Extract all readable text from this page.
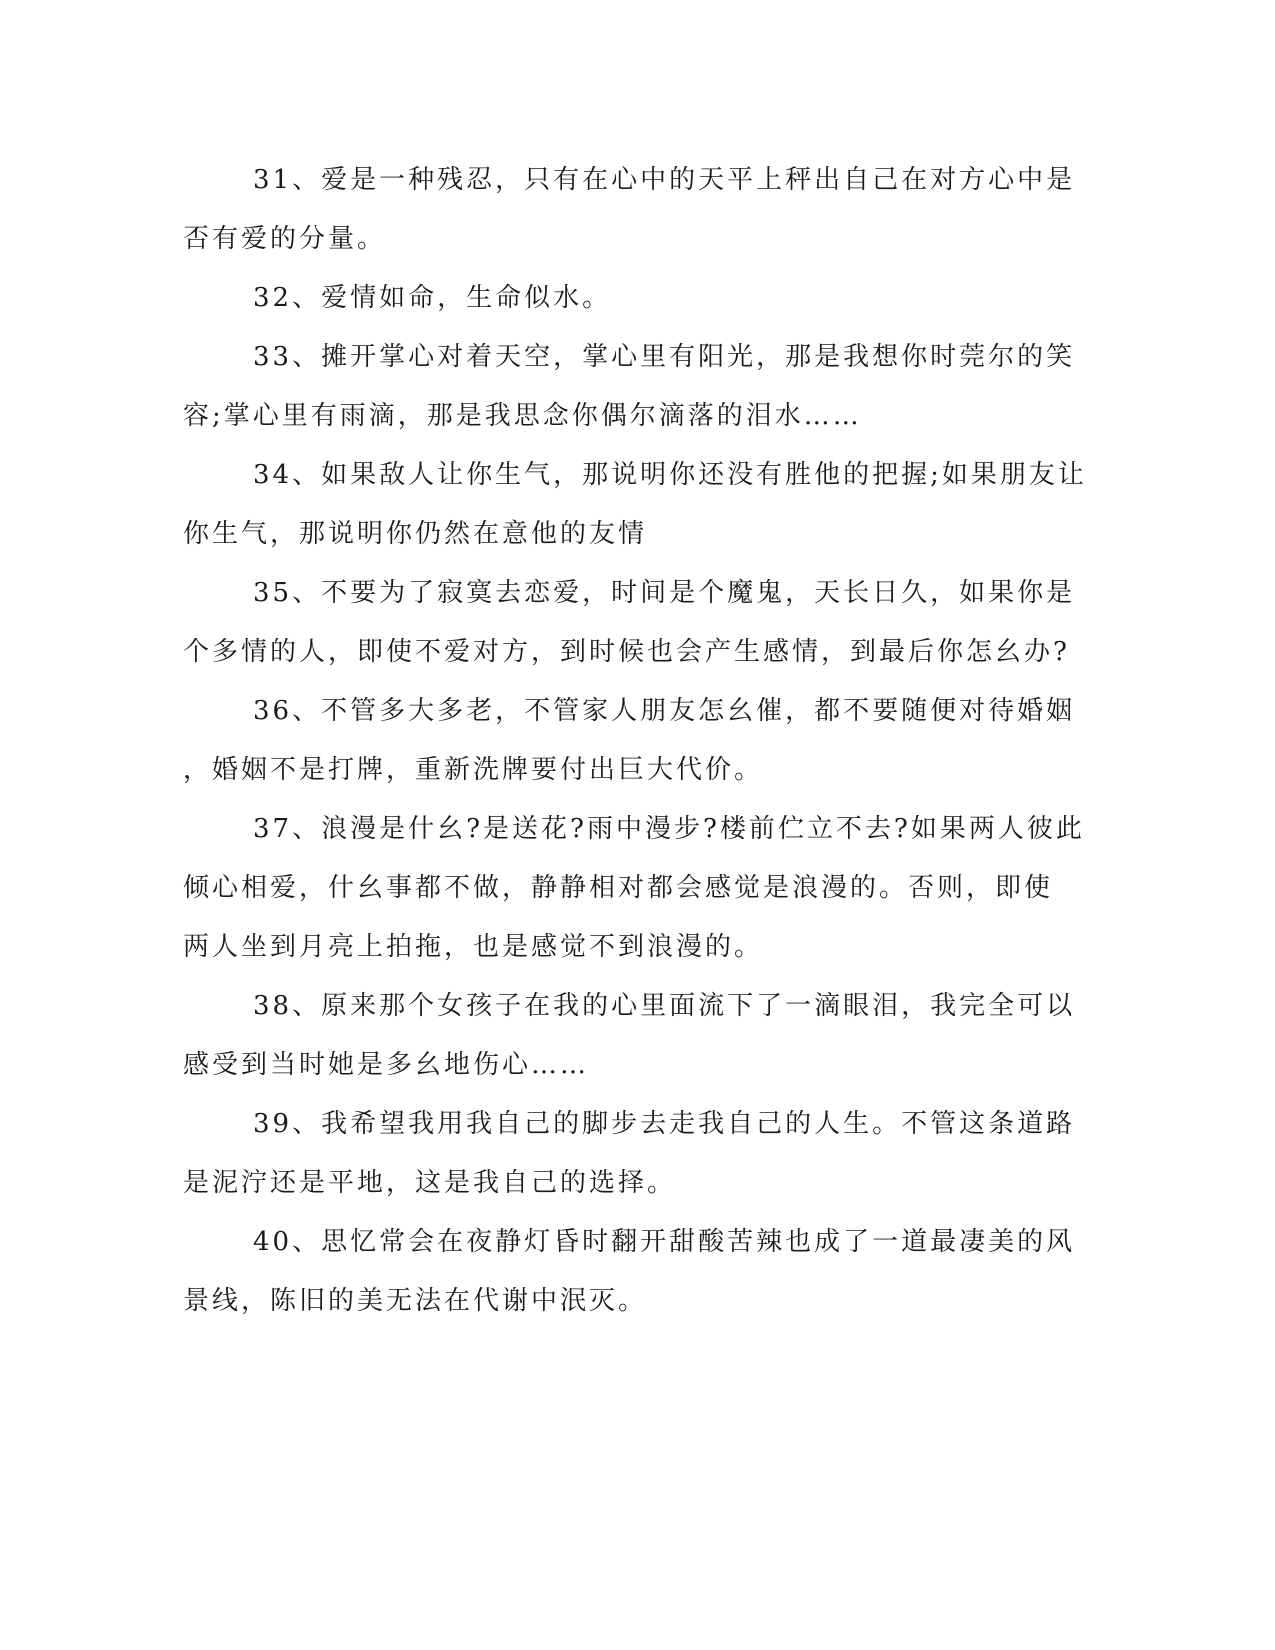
31、爱是一种残忍，只有在心中的天平上秤出自己在对方心中是
否有爱的分量。
32、爱情如命，生命似水。
33、摊开掌心对着天空，掌心里有阳光，那是我想你时莞尔的笑
容;掌心里有雨滴，那是我思念你偶尔滴落的泪水……
34、如果敌人让你生气，那说明你还没有胜他的把握;如果朋友让
你生气，那说明你仍然在意他的友情
35、不要为了寂寞去恋爱，时间是个魔鬼，天长日久，如果你是
个多情的人，即使不爱对方，到时候也会产生感情，到最后你怎幺办?
36、不管多大多老，不管家人朋友怎幺催，都不要随便对待婚姻
，婚姻不是打牌，重新洗牌要付出巨大代价。
37、浪漫是什幺?是送花?雨中漫步?楼前伫立不去?如果两人彼此
倾心相爱，什幺事都不做，静静相对都会感觉是浪漫的。否则，即使
两人坐到月亮上拍拖，也是感觉不到浪漫的。
38、原来那个女孩子在我的心里面流下了一滴眼泪，我完全可以
感受到当时她是多幺地伤心……
39、我希望我用我自己的脚步去走我自己的人生。不管这条道路
是泥泞还是平地，这是我自己的选择。
40、思忆常会在夜静灯昏时翻开甜酸苦辣也成了一道最凄美的风
景线，陈旧的美无法在代谢中泯灭。
